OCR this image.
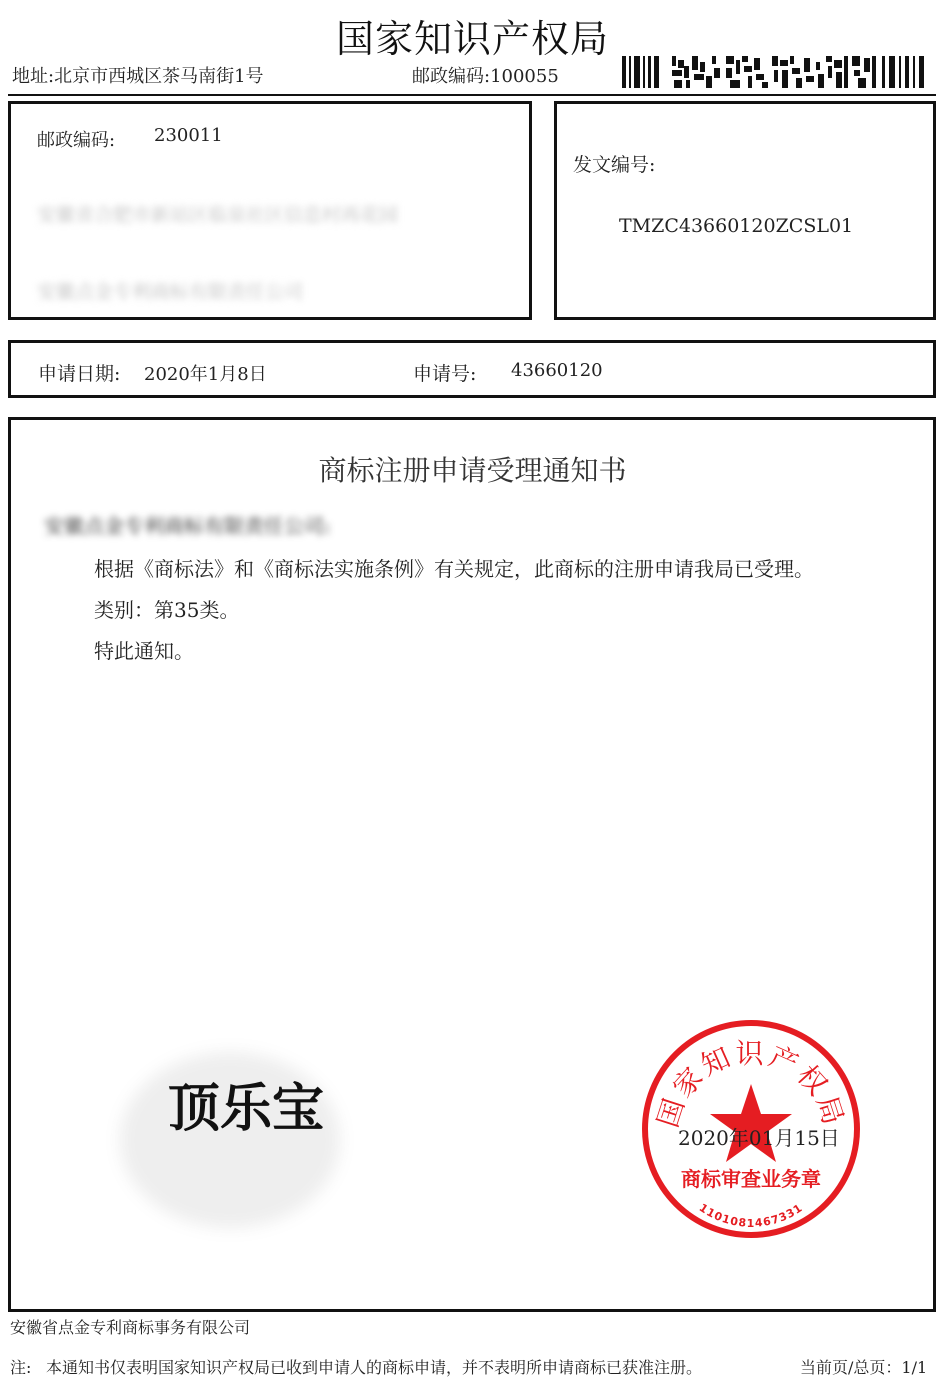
国家知识产权局
地址:北京市西城区茶马南街1号	邮政编码:100055
邮政编码: 230011
安徽省合肥市新站区临泉社区信息村再花园
安徽点金专利商标有限责任公司
发文编号:
TMZC43660120ZCSL01
申请日期: 2020年1月8日	申请号: 43660120
商标注册申请受理通知书
安徽点金专利商标有限责任公司:
根据《商标法》和《商标法实施条例》有关规定，此商标的注册申请我局已受理。
类别：第35类。
特此通知。
顶乐宝	国家知识产权局
商标审查业务章
1101081467331
2020年01月15日
安徽省点金专利商标事务有限公司
注: 本通知书仅表明国家知识产权局已收到申请人的商标申请，并不表明所申请商标已获准注册。	当前页/总页：1/1
